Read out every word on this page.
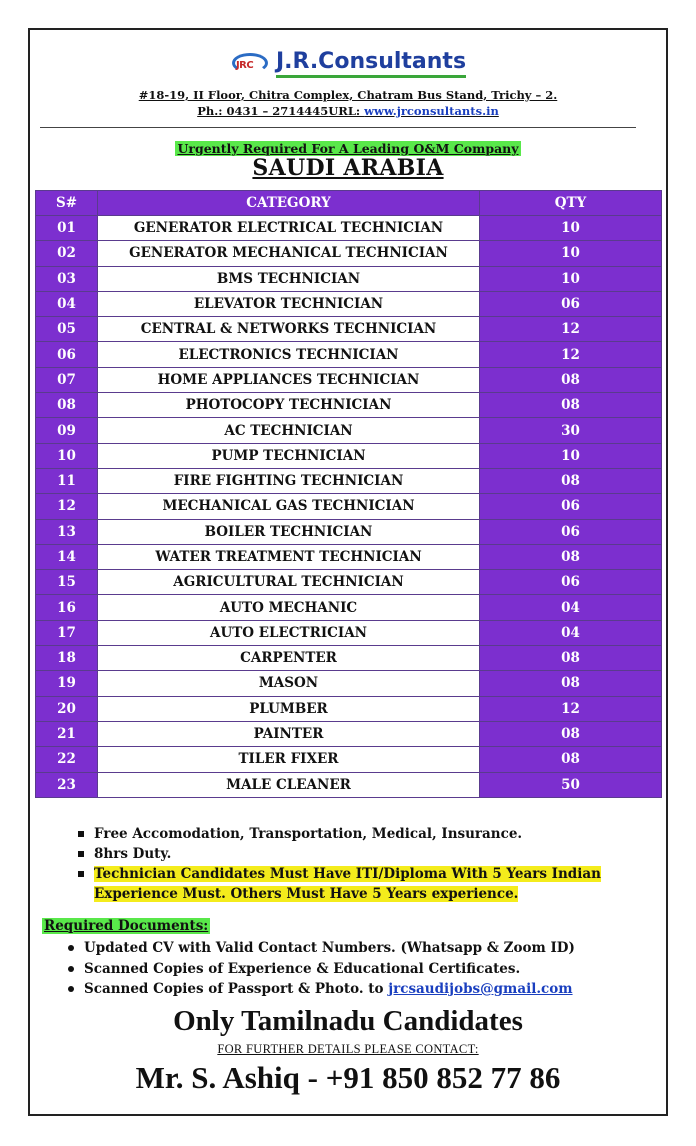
JRC J.R.Consultants
#18-19, II Floor, Chitra Complex, Chatram Bus Stand, Trichy – 2.
Ph.: 0431 – 2714445URL: www.jrconsultants.in
Urgently Required For A Leading O&M Company
SAUDI ARABIA
S#	CATEGORY	QTY
01	GENERATOR ELECTRICAL TECHNICIAN	10
02	GENERATOR MECHANICAL TECHNICIAN	10
03	BMS TECHNICIAN	10
04	ELEVATOR TECHNICIAN	06
05	CENTRAL & NETWORKS TECHNICIAN	12
06	ELECTRONICS TECHNICIAN	12
07	HOME APPLIANCES TECHNICIAN	08
08	PHOTOCOPY TECHNICIAN	08
09	AC TECHNICIAN	30
10	PUMP TECHNICIAN	10
11	FIRE FIGHTING TECHNICIAN	08
12	MECHANICAL GAS TECHNICIAN	06
13	BOILER TECHNICIAN	06
14	WATER TREATMENT TECHNICIAN	08
15	AGRICULTURAL TECHNICIAN	06
16	AUTO MECHANIC	04
17	AUTO ELECTRICIAN	04
18	CARPENTER	08
19	MASON	08
20	PLUMBER	12
21	PAINTER	08
22	TILER FIXER	08
23	MALE CLEANER	50
Free Accomodation, Transportation, Medical, Insurance.
8hrs Duty.
Technician Candidates Must Have ITI/Diploma With 5 Years Indian
Experience Must. Others Must Have 5 Years experience.
Required Documents:
Updated CV with Valid Contact Numbers. (Whatsapp & Zoom ID)
Scanned Copies of Experience & Educational Certificates.
Scanned Copies of Passport & Photo. to jrcsaudijobs@gmail.com
Only Tamilnadu Candidates
FOR FURTHER DETAILS PLEASE CONTACT:
Mr. S. Ashiq - +91 850 852 77 86
